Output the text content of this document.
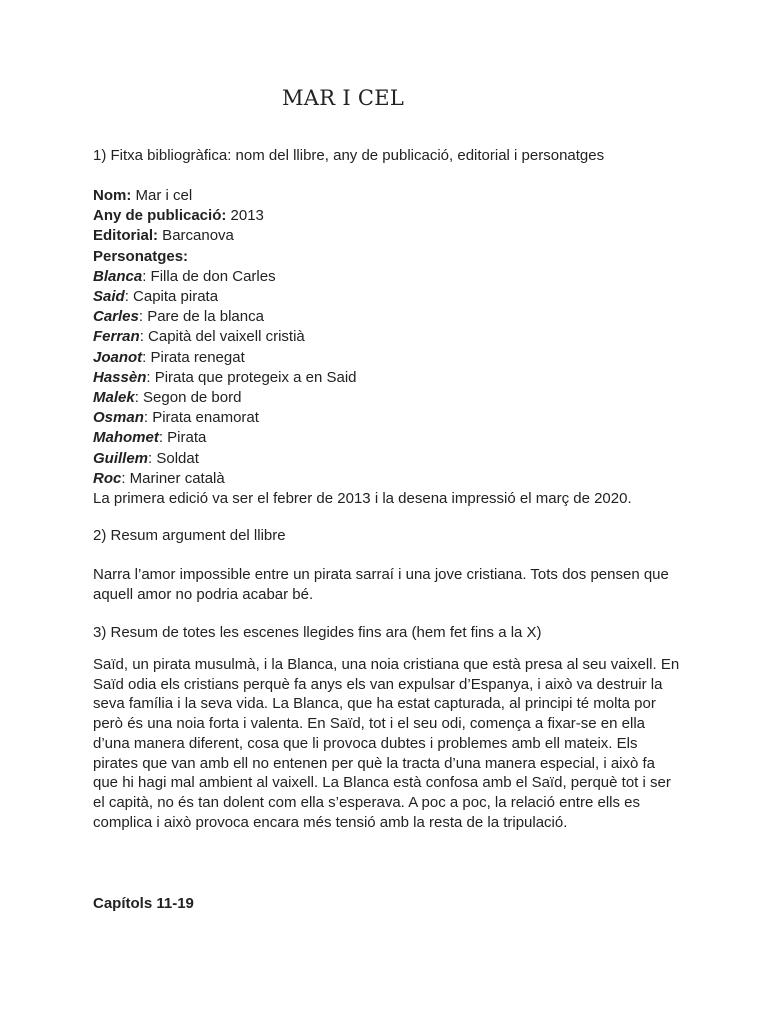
MAR I CEL

1) Fitxa bibliogràfica: nom del llibre, any de publicació, editorial i personatges

Nom: Mar i cel

Any de publicació: 2013

Editorial: Barcanova

Personatges:

Blanca: Filla de don Carles

Said: Capita pirata

Carles: Pare de la blanca

Ferran: Capità del vaixell cristià

Joanot: Pirata renegat

Hassèn: Pirata que protegeix a en Said

Malek: Segon de bord

Osman: Pirata enamorat

Mahomet: Pirata

Guillem: Soldat

Roc: Mariner català

La primera edició va ser el febrer de 2013 i la desena impressió el març de 2020.

2) Resum argument del llibre

Narra l’amor impossible entre un pirata sarraí i una jove cristiana. Tots dos pensen que aquell amor no podria acabar bé.

3) Resum de totes les escenes llegides fins ara (hem fet fins a la X)

Saïd, un pirata musulmà, i la Blanca, una noia cristiana que està presa al seu vaixell. En Saïd odia els cristians perquè fa anys els van expulsar d’Espanya, i això va destruir la seva família i la seva vida. La Blanca, que ha estat capturada, al principi té molta por però és una noia forta i valenta. En Saïd, tot i el seu odi, comença a fixar-se en ella d’una manera diferent, cosa que li provoca dubtes i problemes amb ell mateix. Els pirates que van amb ell no entenen per què la tracta d’una manera especial, i això fa que hi hagi mal ambient al vaixell. La Blanca està confosa amb el Saïd, perquè tot i ser el capità, no és tan dolent com ella s’esperava. A poc a poc, la relació entre ells es complica i això provoca encara més tensió amb la resta de la tripulació.

Capítols 11-19
